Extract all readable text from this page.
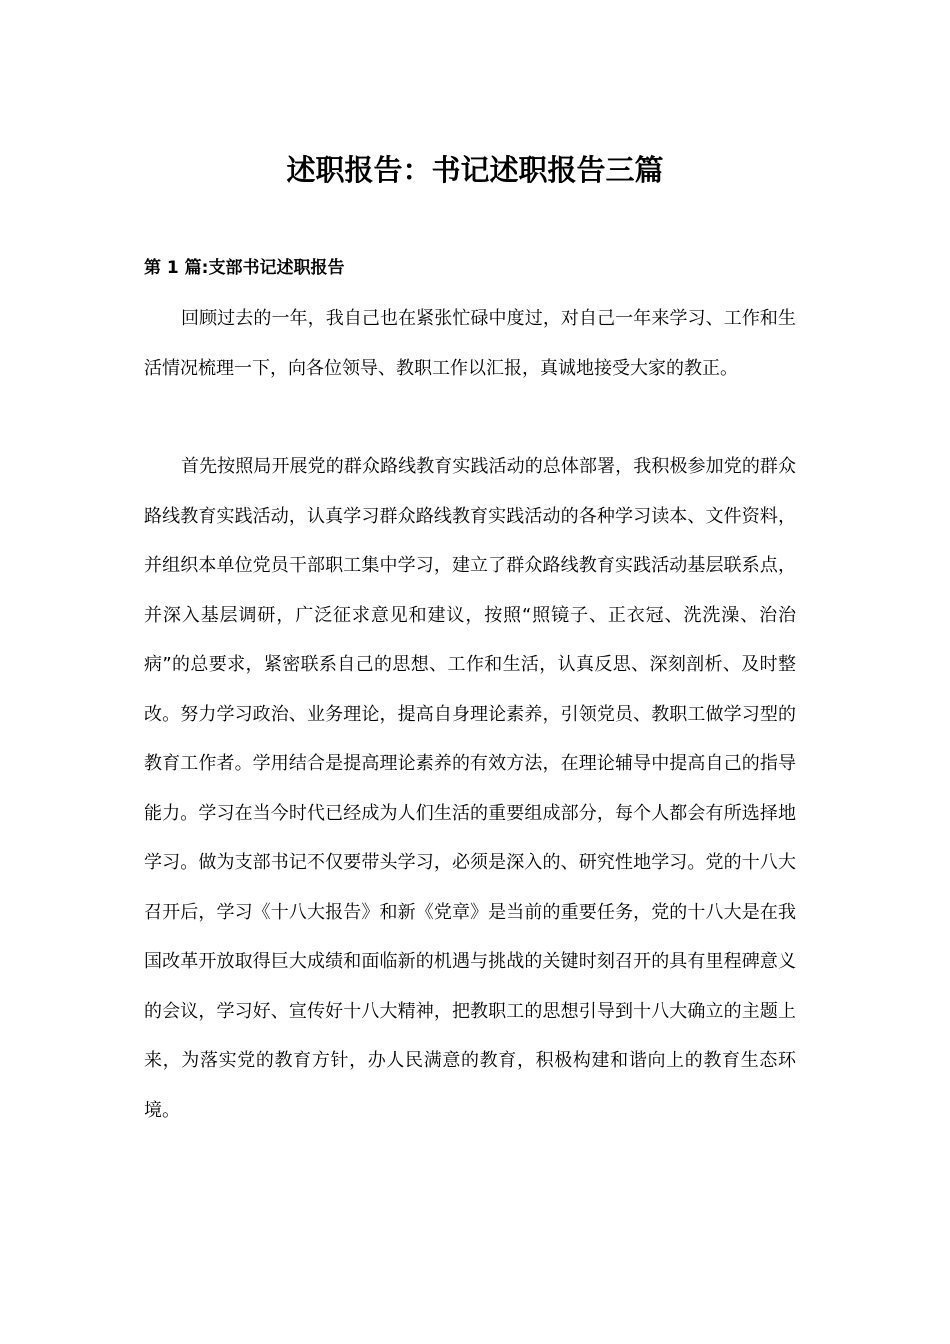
述职报告：书记述职报告三篇
第 1 篇:支部书记述职报告

回顾过去的一年，我自己也在紧张忙碌中度过，对自己一年来学习、工作和生活情况梳理一下，向各位领导、教职工作以汇报，真诚地接受大家的教正。

首先按照局开展党的群众路线教育实践活动的总体部署，我积极参加党的群众路线教育实践活动，认真学习群众路线教育实践活动的各种学习读本、文件资料，并组织本单位党员干部职工集中学习，建立了群众路线教育实践活动基层联系点，并深入基层调研，广泛征求意见和建议，按照“照镜子、正衣冠、洗洗澡、治治病”的总要求，紧密联系自己的思想、工作和生活，认真反思、深刻剖析、及时整改。努力学习政治、业务理论，提高自身理论素养，引领党员、教职工做学习型的教育工作者。学用结合是提高理论素养的有效方法，在理论辅导中提高自己的指导能力。学习在当今时代已经成为人们生活的重要组成部分，每个人都会有所选择地学习。做为支部书记不仅要带头学习，必须是深入的、研究性地学习。党的十八大召开后，学习《十八大报告》和新《党章》是当前的重要任务，党的十八大是在我国改革开放取得巨大成绩和面临新的机遇与挑战的关键时刻召开的具有里程碑意义的会议，学习好、宣传好十八大精神，把教职工的思想引导到十八大确立的主题上来，为落实党的教育方针，办人民满意的教育，积极构建和谐向上的教育生态环境。
